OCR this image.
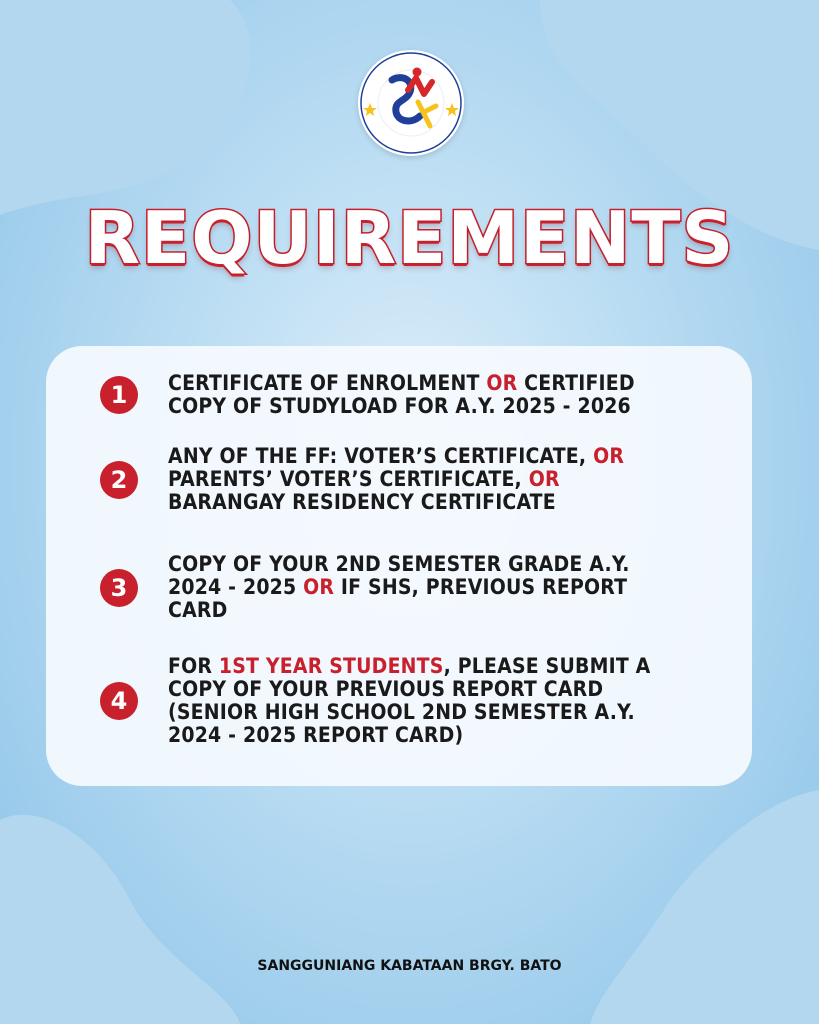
REQUIREMENTS
1	CERTIFICATE OF ENROLMENT OR CERTIFIED
COPY OF STUDYLOAD FOR A.Y. 2025 - 2026
2
ANY OF THE FF: VOTER’S CERTIFICATE, OR
PARENTS’ VOTER’S CERTIFICATE, OR
BARANGAY RESIDENCY CERTIFICATE
3
COPY OF YOUR 2ND SEMESTER GRADE A.Y.
2024 - 2025 OR IF SHS, PREVIOUS REPORT
CARD
4
FOR 1ST YEAR STUDENTS, PLEASE SUBMIT A
COPY OF YOUR PREVIOUS REPORT CARD
(SENIOR HIGH SCHOOL 2ND SEMESTER A.Y.
2024 - 2025 REPORT CARD)
SANGGUNIANG KABATAAN BRGY. BATO
